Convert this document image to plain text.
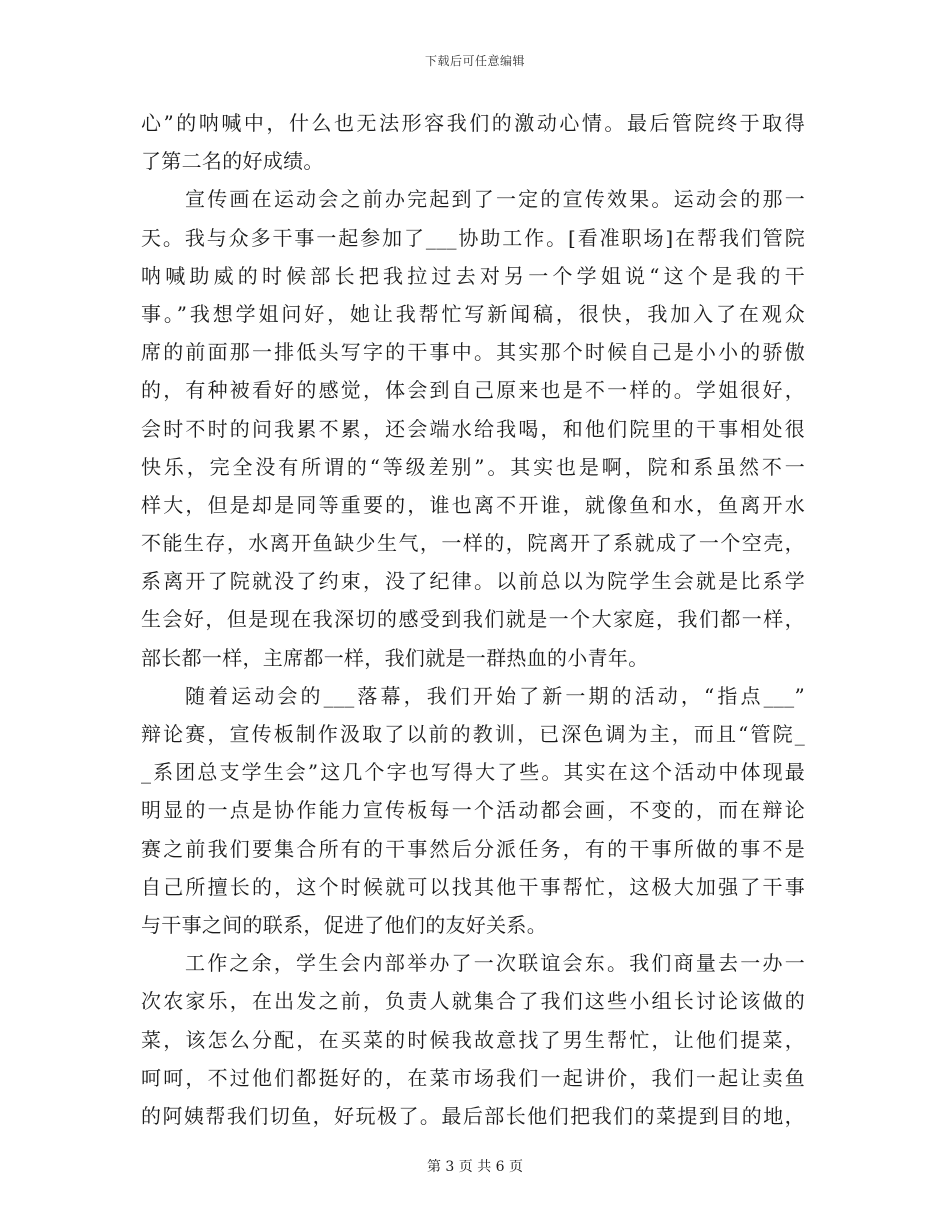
下载后可任意编辑
心”的呐喊中，什么也无法形容我们的激动心情。最后管院终于取得
了第二名的好成绩。
宣传画在运动会之前办完起到了一定的宣传效果。运动会的那一
天。我与众多干事一起参加了___协助工作。[看准职场]在帮我们管院
呐喊助威的时候部长把我拉过去对另一个学姐说“这个是我的干
事。”我想学姐问好，她让我帮忙写新闻稿，很快，我加入了在观众
席的前面那一排低头写字的干事中。其实那个时候自己是小小的骄傲
的，有种被看好的感觉，体会到自己原来也是不一样的。学姐很好，
会时不时的问我累不累，还会端水给我喝，和他们院里的干事相处很
快乐，完全没有所谓的“等级差别”。其实也是啊，院和系虽然不一
样大，但是却是同等重要的，谁也离不开谁，就像鱼和水，鱼离开水
不能生存，水离开鱼缺少生气，一样的，院离开了系就成了一个空壳，
系离开了院就没了约束，没了纪律。以前总以为院学生会就是比系学
生会好，但是现在我深切的感受到我们就是一个大家庭，我们都一样，
部长都一样，主席都一样，我们就是一群热血的小青年。
随着运动会的___落幕，我们开始了新一期的活动，“指点___”
辩论赛，宣传板制作汲取了以前的教训，已深色调为主，而且“管院_
_系团总支学生会”这几个字也写得大了些。其实在这个活动中体现最
明显的一点是协作能力宣传板每一个活动都会画，不变的，而在辩论
赛之前我们要集合所有的干事然后分派任务，有的干事所做的事不是
自己所擅长的，这个时候就可以找其他干事帮忙，这极大加强了干事
与干事之间的联系，促进了他们的友好关系。
工作之余，学生会内部举办了一次联谊会东。我们商量去一办一
次农家乐，在出发之前，负责人就集合了我们这些小组长讨论该做的
菜，该怎么分配，在买菜的时候我故意找了男生帮忙，让他们提菜，
呵呵，不过他们都挺好的，在菜市场我们一起讲价，我们一起让卖鱼
的阿姨帮我们切鱼，好玩极了。最后部长他们把我们的菜提到目的地，
第 3 页 共 6 页
